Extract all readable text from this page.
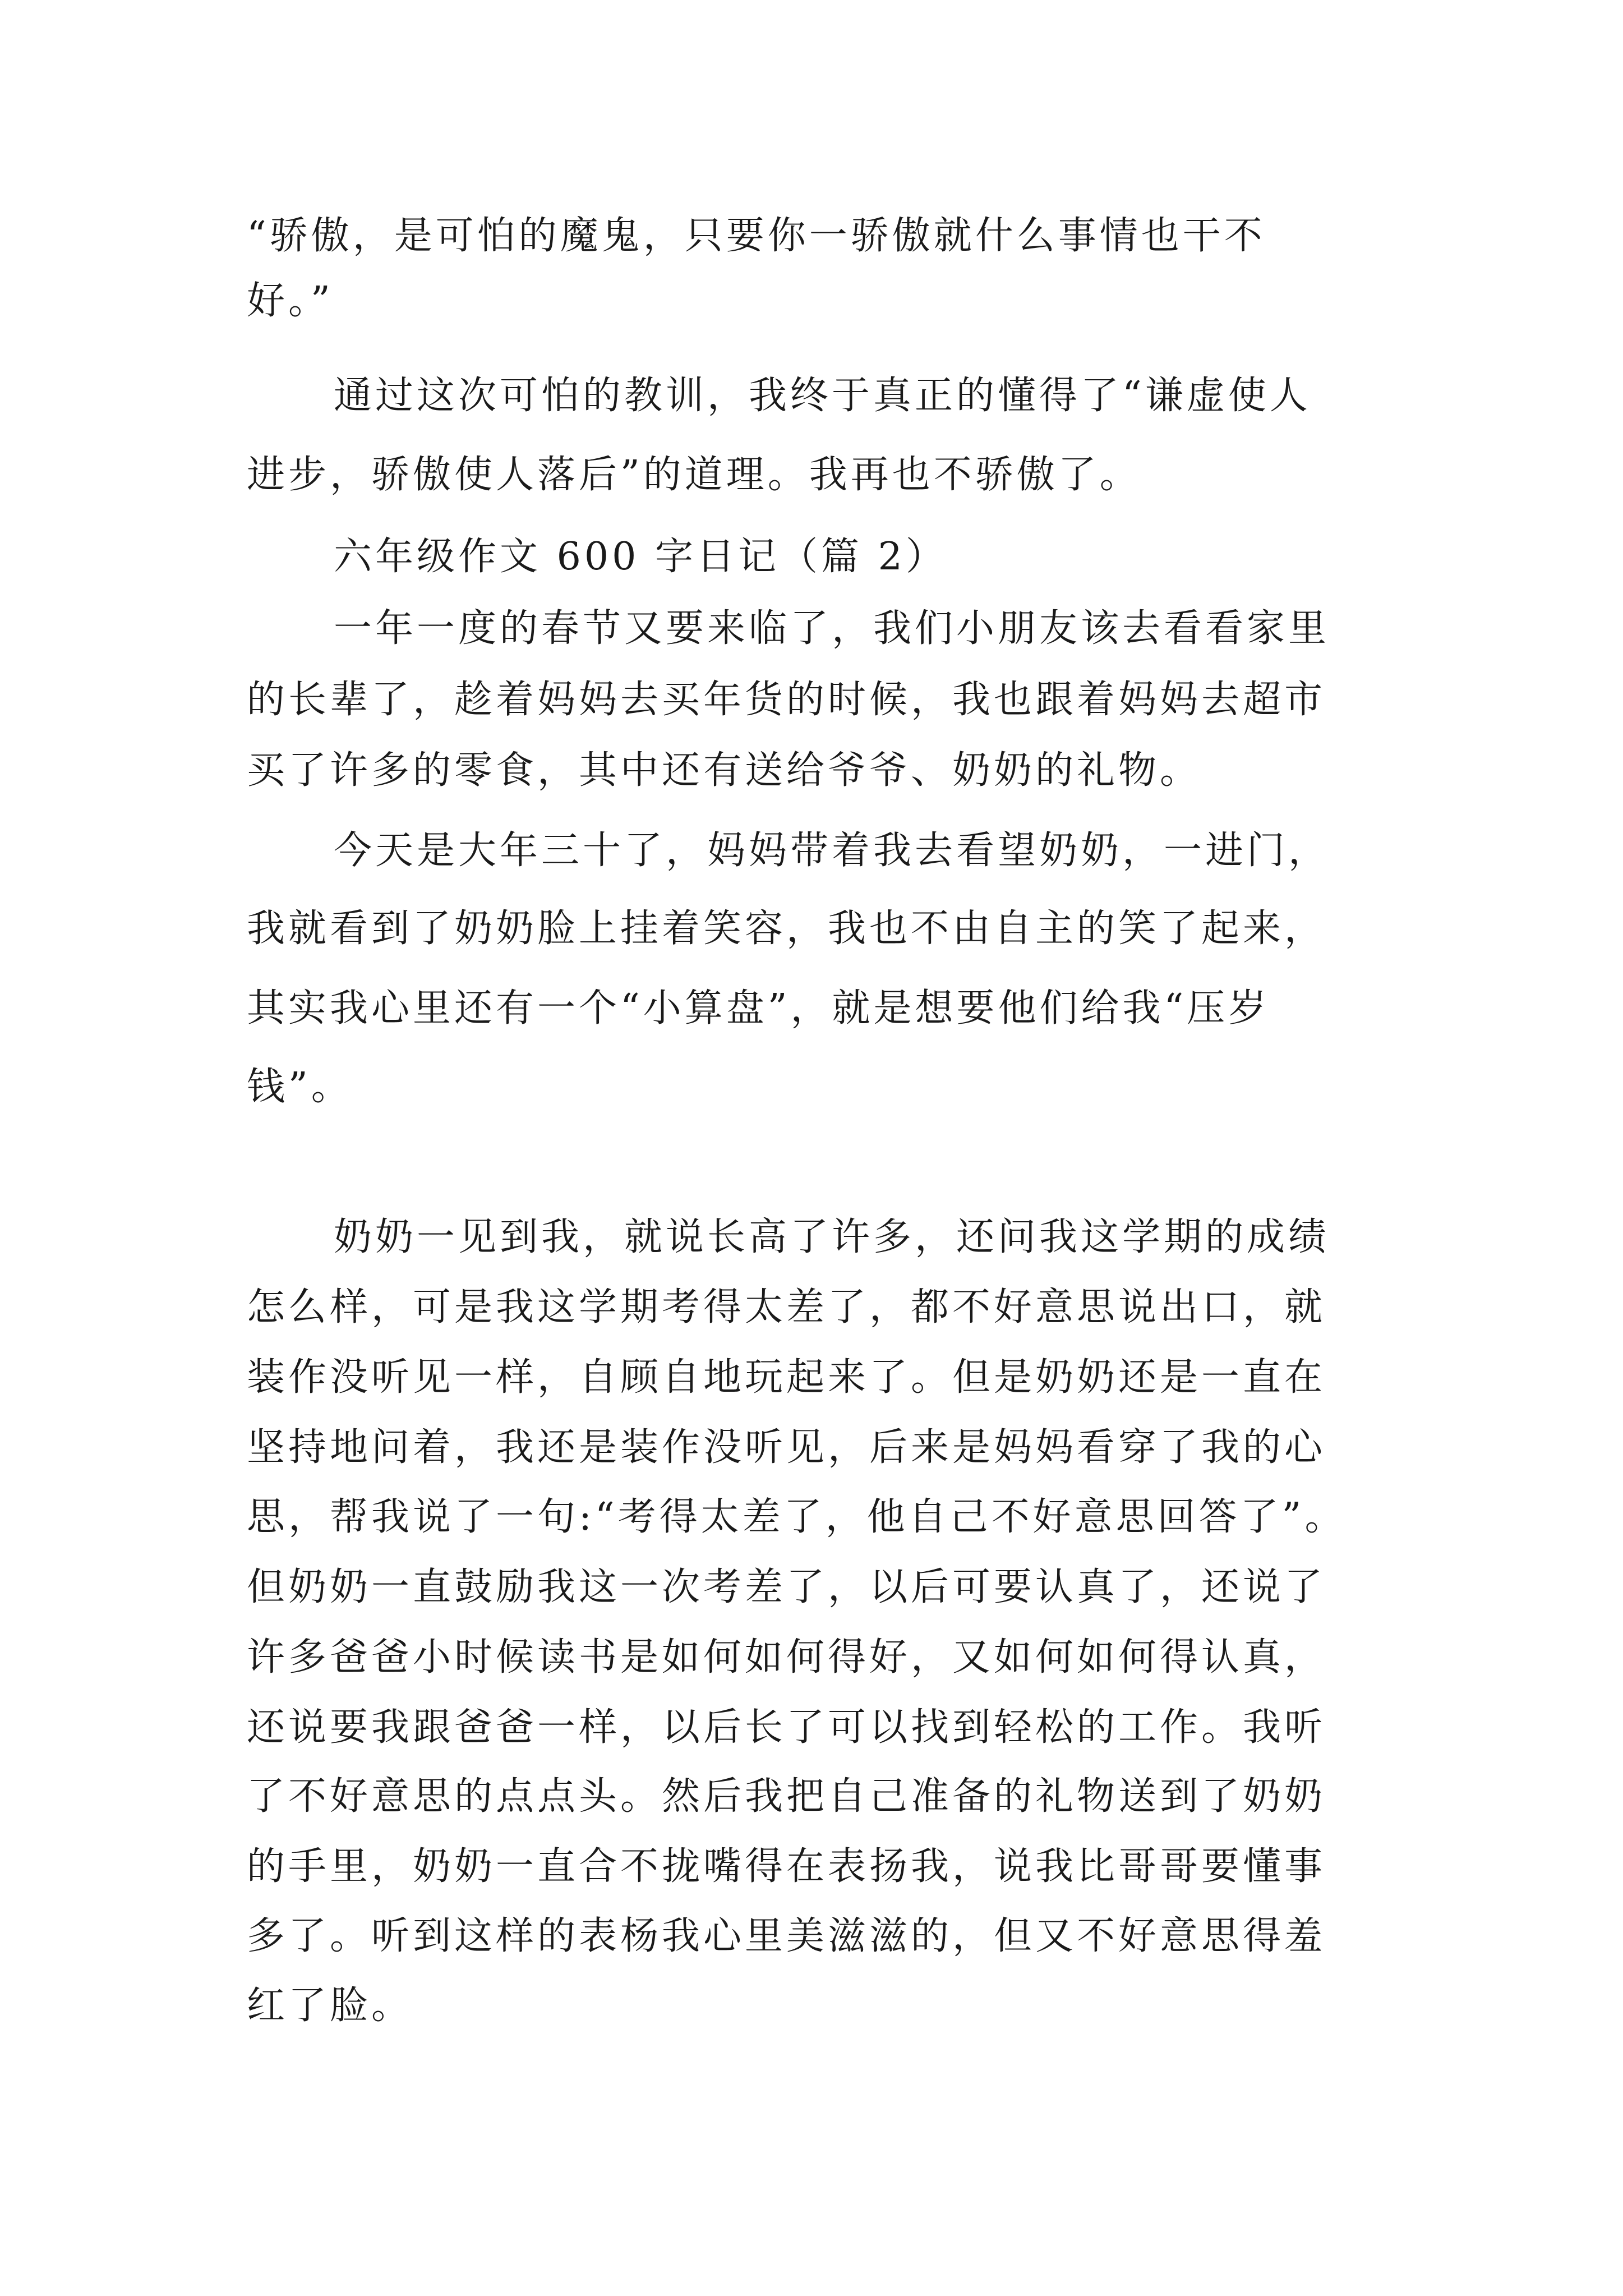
“骄傲，是可怕的魔鬼，只要你一骄傲就什么事情也干不
好。”
通过这次可怕的教训，我终于真正的懂得了“谦虚使人
进步，骄傲使人落后”的道理。我再也不骄傲了。
六年级作文 600 字日记（篇 2）
一年一度的春节又要来临了，我们小朋友该去看看家里
的长辈了，趁着妈妈去买年货的时候，我也跟着妈妈去超市
买了许多的零食，其中还有送给爷爷、奶奶的礼物。
今天是大年三十了，妈妈带着我去看望奶奶，一进门，
我就看到了奶奶脸上挂着笑容，我也不由自主的笑了起来，
其实我心里还有一个“小算盘”，就是想要他们给我“压岁
钱”。
奶奶一见到我，就说长高了许多，还问我这学期的成绩
怎么样，可是我这学期考得太差了，都不好意思说出口，就
装作没听见一样，自顾自地玩起来了。但是奶奶还是一直在
坚持地问着，我还是装作没听见，后来是妈妈看穿了我的心
思，帮我说了一句:“考得太差了，他自己不好意思回答了”。
但奶奶一直鼓励我这一次考差了，以后可要认真了，还说了
许多爸爸小时候读书是如何如何得好，又如何如何得认真，
还说要我跟爸爸一样，以后长了可以找到轻松的工作。我听
了不好意思的点点头。然后我把自己准备的礼物送到了奶奶
的手里，奶奶一直合不拢嘴得在表扬我，说我比哥哥要懂事
多了。听到这样的表杨我心里美滋滋的，但又不好意思得羞
红了脸。
